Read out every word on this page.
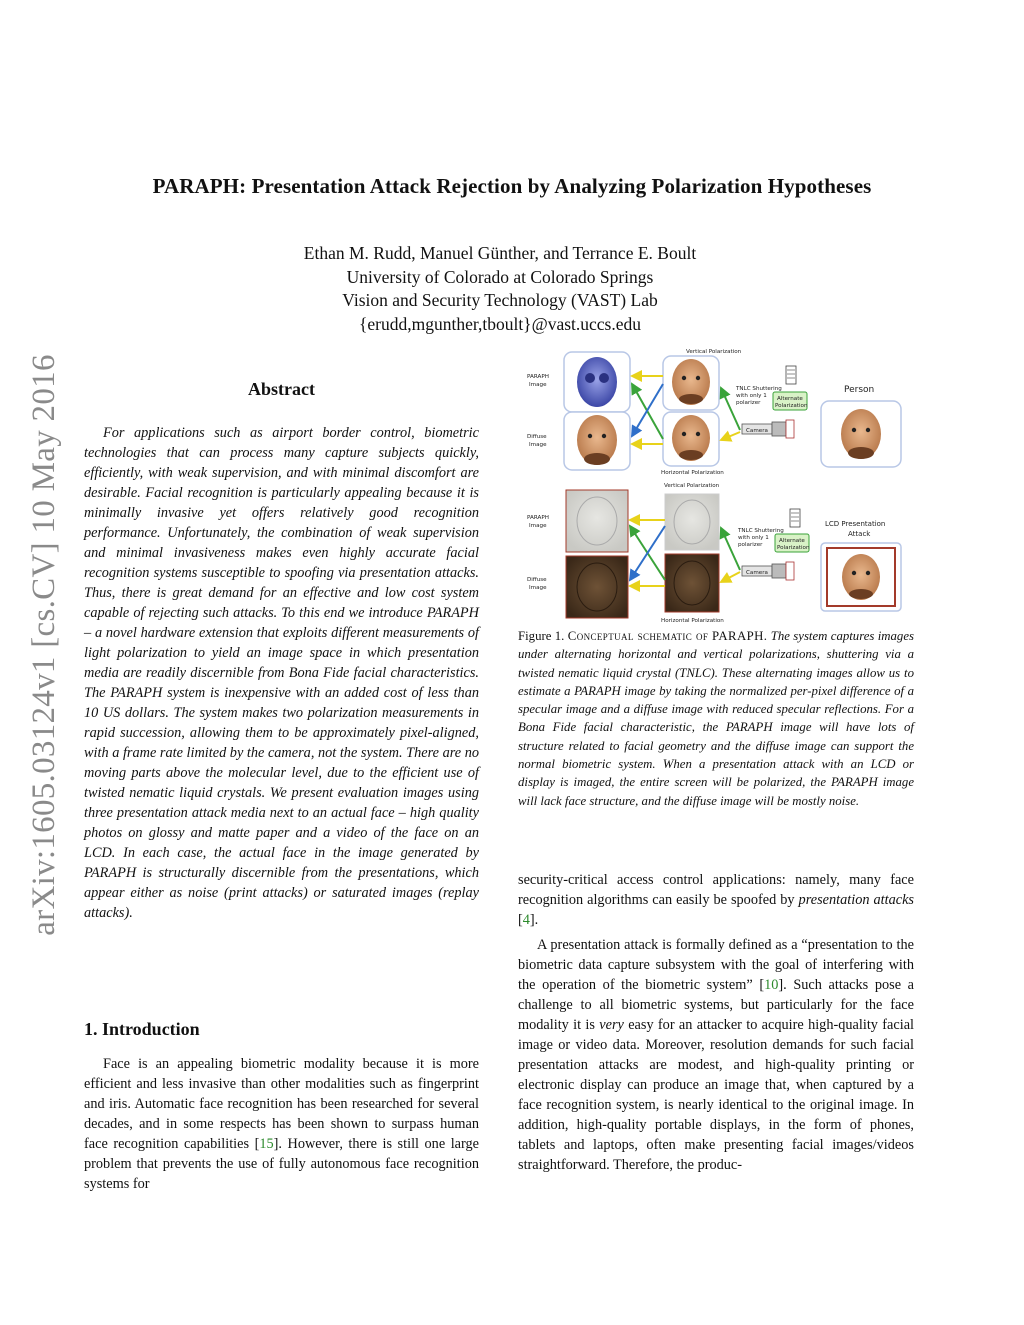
PARAPH: Presentation Attack Rejection by Analyzing Polarization Hypotheses
Ethan M. Rudd, Manuel Günther, and Terrance E. Boult
University of Colorado at Colorado Springs
Vision and Security Technology (VAST) Lab
{erudd,mgunther,tboult}@vast.uccs.edu
arXiv:1605.03124v1 [cs.CV] 10 May 2016	Abstract

For applications such as airport border control, biometric technologies that can process many capture subjects quickly, efficiently, with weak supervision, and with minimal discomfort are desirable. Facial recognition is particularly appealing because it is minimally invasive yet offers relatively good recognition performance. Unfortunately, the combination of weak supervision and minimal invasiveness makes even highly accurate facial recognition systems susceptible to spoofing via presentation attacks. Thus, there is great demand for an effective and low cost system capable of rejecting such attacks. To this end we introduce PARAPH – a novel hardware extension that exploits different measurements of light polarization to yield an image space in which presentation media are readily discernible from Bona Fide facial characteristics. The PARAPH system is inexpensive with an added cost of less than 10 US dollars. The system makes two polarization measurements in rapid succession, allowing them to be approximately pixel-aligned, with a frame rate limited by the camera, not the system. There are no moving parts above the molecular level, due to the efficient use of twisted nematic liquid crystals. We present evaluation images using three presentation attack media next to an actual face – high quality photos on glossy and matte paper and a video of the face on an LCD. In each case, the actual face in the image generated by PARAPH is structurally discernible from the presentations, which appear either as noise (print attacks) or saturated images (replay attacks).

1. Introduction

Face is an appealing biometric modality because it is more efficient and less invasive than other modalities such as fingerprint and iris. Automatic face recognition has been researched for several decades, and in some respects has been shown to surpass human face recognition capabilities [15]. However, there is still one large problem that prevents the use of fully autonomous face recognition systems for

Vertical Polarization
PARAPH
Image
Diffuse
Image
Horizontal Polarization
TNLC Shuttering
with only 1
polarizer
Alternate
Polarization
Camera
Person
Vertical Polarization
PARAPH
Image
Diffuse
Image
Horizontal Polarization
TNLC Shuttering
with only 1
polarizer
Alternate
Polarization
Camera
LCD Presentation
Attack

Figure 1. Conceptual schematic of PARAPH. The system captures images under alternating horizontal and vertical polarizations, shuttering via a twisted nematic liquid crystal (TNLC). These alternating images allow us to estimate a PARAPH image by taking the normalized per-pixel difference of a specular image and a diffuse image with reduced specular reflections. For a Bona Fide facial characteristic, the PARAPH image will have lots of structure related to facial geometry and the diffuse image can support the normal biometric system. When a presentation attack with an LCD or display is imaged, the entire screen will be polarized, the PARAPH image will lack face structure, and the diffuse image will be mostly noise.

security-critical access control applications: namely, many face recognition algorithms can easily be spoofed by presentation attacks [4].

A presentation attack is formally defined as a “presentation to the biometric data capture subsystem with the goal of interfering with the operation of the biometric system” [10]. Such attacks pose a challenge to all biometric systems, but particularly for the face modality it is very easy for an attacker to acquire high-quality facial image or video data. Moreover, resolution demands for such facial presentation attacks are modest, and high-quality printing or electronic display can produce an image that, when captured by a face recognition system, is nearly identical to the original image. In addition, high-quality portable displays, in the form of phones, tablets and laptops, often make presenting facial images/videos straightforward. Therefore, the produc-
